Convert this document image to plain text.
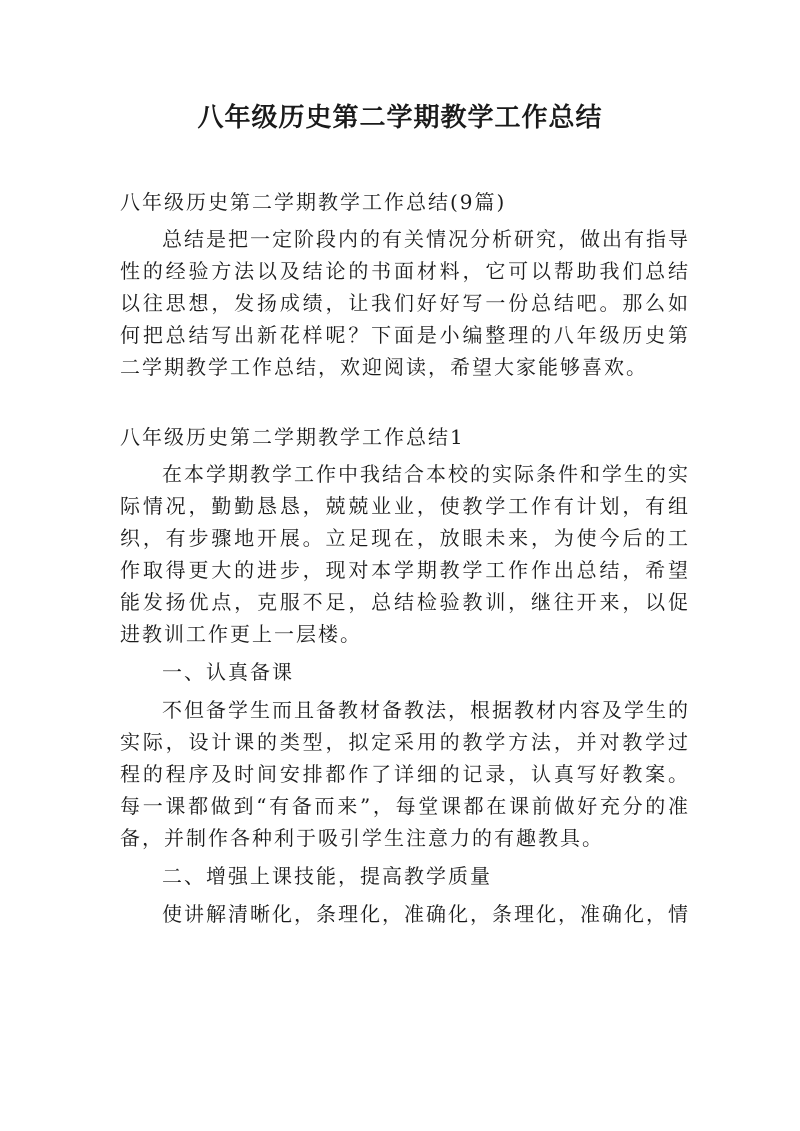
八年级历史第二学期教学工作总结

八年级历史第二学期教学工作总结(9篇)

总结是把一定阶段内的有关情况分析研究，做出有指导性的经验方法以及结论的书面材料，它可以帮助我们总结以往思想，发扬成绩，让我们好好写一份总结吧。那么如何把总结写出新花样呢？下面是小编整理的八年级历史第二学期教学工作总结，欢迎阅读，希望大家能够喜欢。

八年级历史第二学期教学工作总结1

在本学期教学工作中我结合本校的实际条件和学生的实际情况，勤勤恳恳，兢兢业业，使教学工作有计划，有组织，有步骤地开展。立足现在，放眼未来，为使今后的工作取得更大的进步，现对本学期教学工作作出总结，希望能发扬优点，克服不足，总结检验教训，继往开来，以促进教训工作更上一层楼。

一、认真备课

不但备学生而且备教材备教法，根据教材内容及学生的实际，设计课的类型，拟定采用的教学方法，并对教学过程的程序及时间安排都作了详细的记录，认真写好教案。每一课都做到“有备而来”，每堂课都在课前做好充分的准备，并制作各种利于吸引学生注意力的有趣教具。

二、增强上课技能，提高教学质量

使讲解清晰化，条理化，准确化，条理化，准确化，情
